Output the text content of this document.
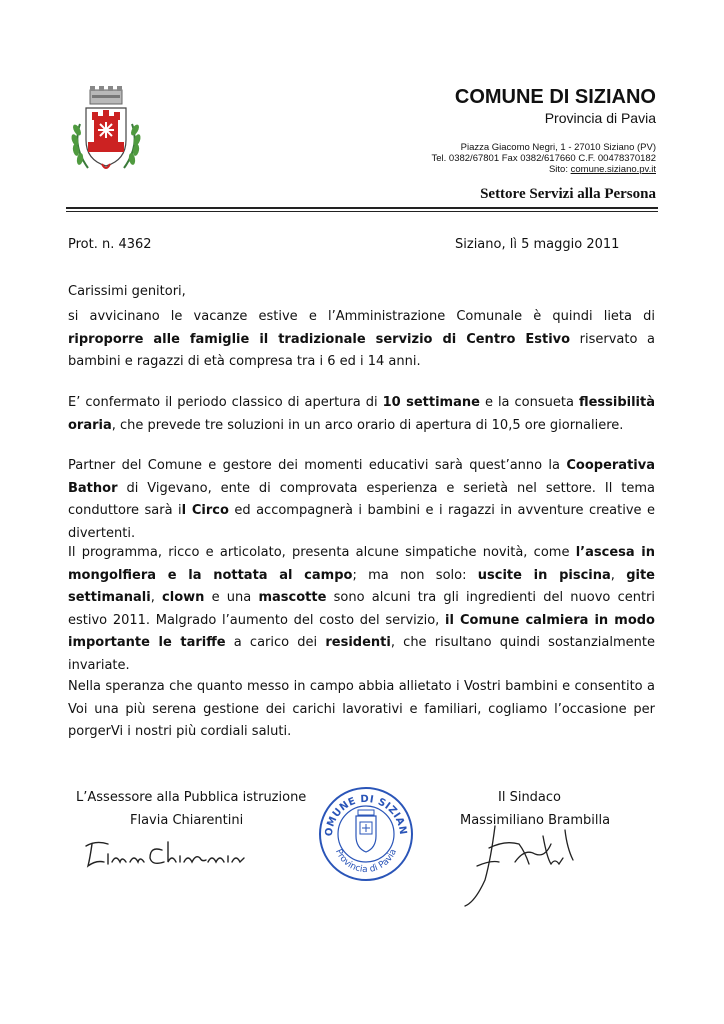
COMUNE DI SIZIANO
Provincia di Pavia
Piazza Giacomo Negri, 1 - 27010 Siziano (PV)
Tel. 0382/67801 Fax 0382/617660 C.F. 00478370182
Sito: comune.siziano.pv.it
Settore Servizi alla Persona
Prot. n. 4362	Siziano, lì 5 maggio 2011
Carissimi genitori,
si avvicinano le vacanze estive e l’Amministrazione Comunale è quindi lieta di riproporre alle famiglie il tradizionale servizio di Centro Estivo riservato a bambini e ragazzi di età compresa tra i 6 ed i 14 anni.
E’ confermato il periodo classico di apertura di 10 settimane e la consueta flessibilità oraria, che prevede tre soluzioni in un arco orario di apertura di 10,5 ore giornaliere.
Partner del Comune e gestore dei momenti educativi sarà quest’anno la Cooperativa Bathor di Vigevano, ente di comprovata esperienza e serietà nel settore. Il tema conduttore sarà il Circo ed accompagnerà i bambini e i ragazzi in avventure creative e divertenti.
Il programma, ricco e articolato, presenta alcune simpatiche novità, come l’ascesa in mongolfiera e la nottata al campo; ma non solo: uscite in piscina, gite settimanali, clown e una mascotte sono alcuni tra gli ingredienti del nuovo centri estivo 2011. Malgrado l’aumento del costo del servizio, il Comune calmiera in modo importante le tariffe a carico dei residenti, che risultano quindi sostanzialmente invariate.
Nella speranza che quanto messo in campo abbia allietato i Vostri bambini e consentito a Voi una più serena gestione dei carichi lavorativi e familiari, cogliamo l’occasione per porgerVi i nostri più cordiali saluti.
L’Assessore alla Pubblica istruzione
Flavia Chiarentini
Il Sindaco
Massimiliano Brambilla
OMUNE DI SIZIAN
Provincia di Pavia
